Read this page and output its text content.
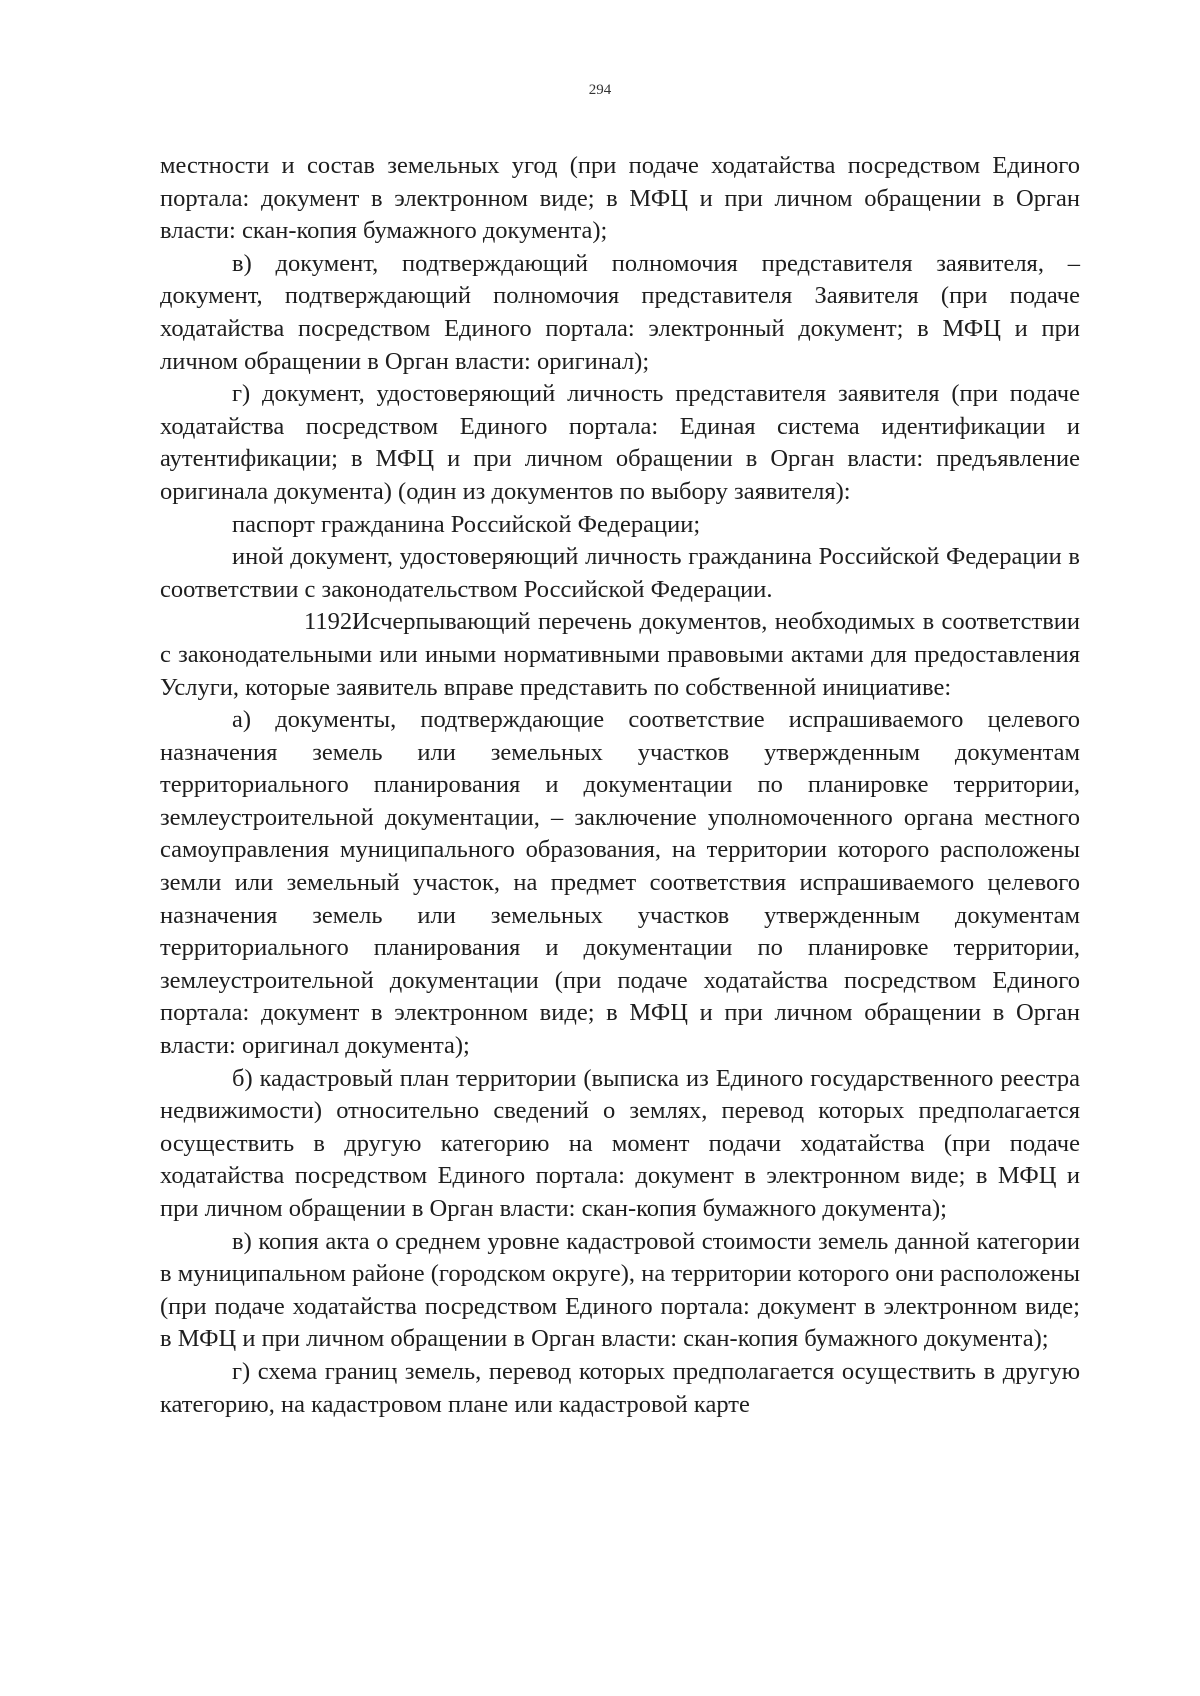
294

местности и состав земельных угод (при подаче ходатайства посредством Единого портала: документ в электронном виде; в МФЦ и при личном обращении в Орган власти: скан-копия бумажного документа);

в) документ, подтверждающий полномочия представителя заявителя, – документ, подтверждающий полномочия представителя Заявителя (при подаче ходатайства посредством Единого портала: электронный документ; в МФЦ и при личном обращении в Орган власти: оригинал);

г) документ, удостоверяющий личность представителя заявителя (при подаче ходатайства посредством Единого портала: Единая система идентификации и аутентификации; в МФЦ и при личном обращении в Орган власти: предъявление оригинала документа) (один из документов по выбору заявителя):

паспорт гражданина Российской Федерации;

иной документ, удостоверяющий личность гражданина Российской Федерации в соответствии с законодательством Российской Федерации.

1192.Исчерпывающий перечень документов, необходимых в соответствии с законодательными или иными нормативными правовыми актами для предоставления Услуги, которые заявитель вправе представить по собственной инициативе:

а) документы, подтверждающие соответствие испрашиваемого целевого назначения земель или земельных участков утвержденным документам территориального планирования и документации по планировке территории, землеустроительной документации, – заключение уполномоченного органа местного самоуправления муниципального образования, на территории которого расположены земли или земельный участок, на предмет соответствия испрашиваемого целевого назначения земель или земельных участков утвержденным документам территориального планирования и документации по планировке территории, землеустроительной документации (при подаче ходатайства посредством Единого портала: документ в электронном виде; в МФЦ и при личном обращении в Орган власти: оригинал документа);

б) кадастровый план территории (выписка из Единого государственного реестра недвижимости) относительно сведений о землях, перевод которых предполагается осуществить в другую категорию на момент подачи ходатайства (при подаче ходатайства посредством Единого портала: документ в электронном виде; в МФЦ и при личном обращении в Орган власти: скан-копия бумажного документа);

в) копия акта о среднем уровне кадастровой стоимости земель данной категории в муниципальном районе (городском округе), на территории которого они расположены (при подаче ходатайства посредством Единого портала: документ в электронном виде; в МФЦ и при личном обращении в Орган власти: скан-копия бумажного документа);

г) схема границ земель, перевод которых предполагается осуществить в другую категорию, на кадастровом плане или кадастровой карте
